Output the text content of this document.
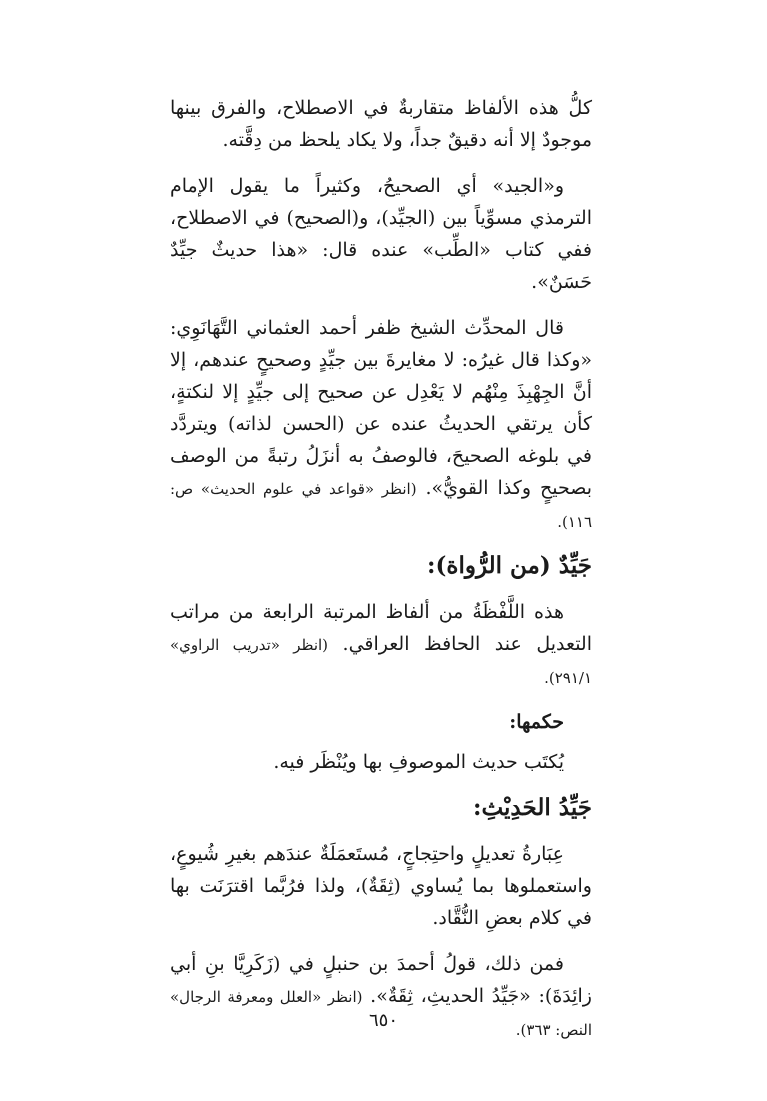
كلُّ هذه الألفاظ متقاربةٌ في الاصطلاح، والفرق بينها موجودٌ إلا أنه دقيقٌ جداً، ولا يكاد يلحظ من دِقَّته.

و«الجيد» أي الصحيحُ، وكثيراً ما يقول الإمام الترمذي مسوِّياً بين (الجيِّد)، و(الصحيح) في الاصطلاح، ففي كتاب «الطِّب» عنده قال: «هذا حديثٌ جيِّدٌ حَسَنٌ».

قال المحدِّث الشيخ ظفر أحمد العثماني التَّهَانَوِي: «وكذا قال غيرُه: لا مغايرةَ بين جيِّدٍ وصحيحٍ عندهم، إلا أنَّ الجِهْبِذَ مِنْهُم لا يَعْدِل عن صحيح إلى جيِّدٍ إلا لنكتةٍ، كأن يرتقي الحديثُ عنده عن (الحسن لذاته) ويتردَّد في بلوغه الصحيحَ، فالوصفُ به أنزَلُ رتبةً من الوصف بصحيحٍ وكذا القويُّ». (انظر «قواعد في علوم الحديث» ص: ١١٦).

جَيِّدٌ (من الرُّواة):

هذه اللَّفْظَةُ من ألفاظ المرتبة الرابعة من مراتب التعديل عند الحافظ العراقي. (انظر «تدريب الراوي» ٢٩١/١).

حكمها:

يُكتَب حديث الموصوفِ بها ويُنْظَر فيه.

جَيِّدُ الحَدِيْثِ:

عِبَارةُ تعديلٍ واحتِجاجٍ، مُستَعمَلَةٌ عندَهم بغيرِ شُيوعٍ، واستعملوها بما يُساوي (ثِقَةٌ)، ولذا فرُبَّما اقترَنَت بها في كلام بعضِ النُّقَّاد.

فمن ذلك، قولُ أحمدَ بن حنبلٍ في (زَكَرِيَّا بنِ أبي زائِدَةَ): «جَيِّدُ الحديثِ، ثِقَةٌ». (انظر «العلل ومعرفة الرجال» النص: ٣٦٣).

٦٥٠
